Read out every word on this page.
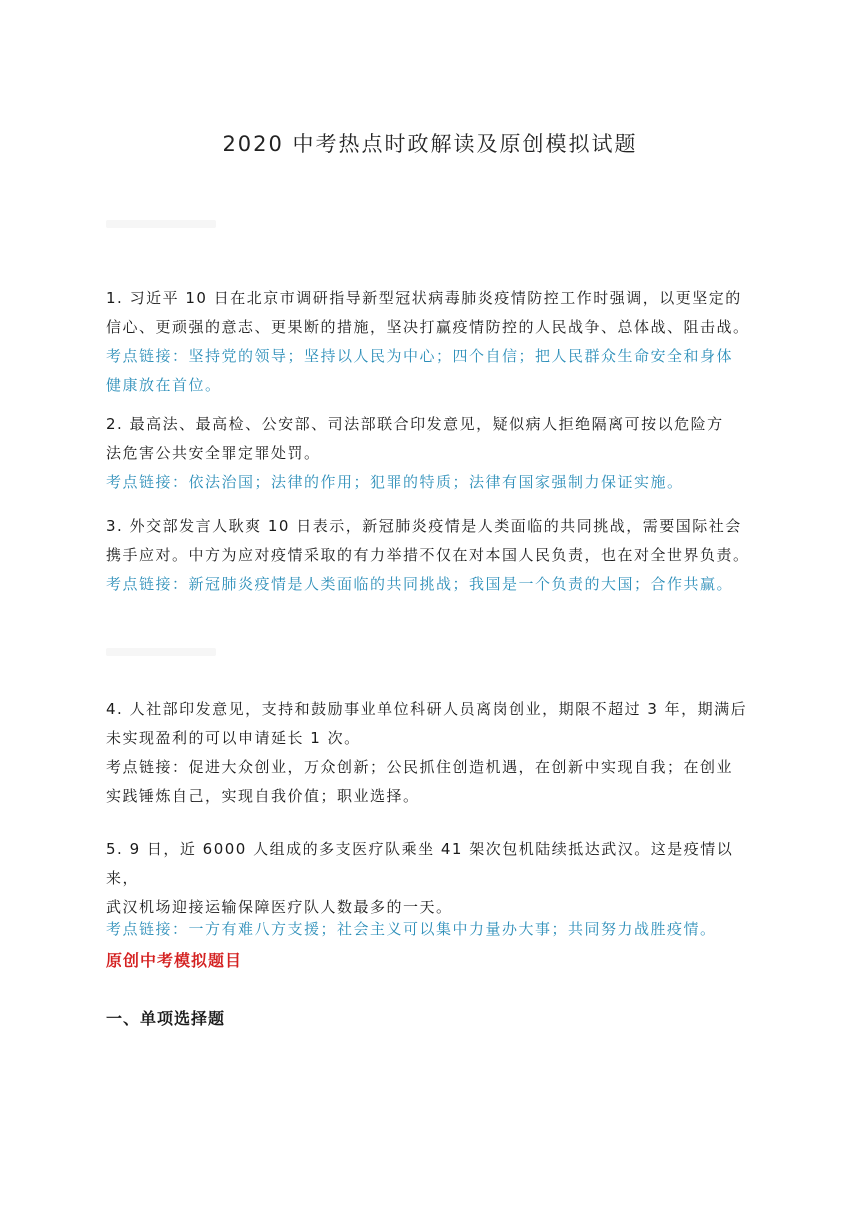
2020 中考热点时政解读及原创模拟试题

1. 习近平 10 日在北京市调研指导新型冠状病毒肺炎疫情防控工作时强调，以更坚定的

信心、更顽强的意志、更果断的措施，坚决打赢疫情防控的人民战争、总体战、阻击战。

考点链接：坚持党的领导；坚持以人民为中心；四个自信；把人民群众生命安全和身体

健康放在首位。

2. 最高法、最高检、公安部、司法部联合印发意见，疑似病人拒绝隔离可按以危险方

法危害公共安全罪定罪处罚。

考点链接：依法治国；法律的作用；犯罪的特质；法律有国家强制力保证实施。

3. 外交部发言人耿爽 10 日表示，新冠肺炎疫情是人类面临的共同挑战，需要国际社会

携手应对。中方为应对疫情采取的有力举措不仅在对本国人民负责，也在对全世界负责。

考点链接：新冠肺炎疫情是人类面临的共同挑战；我国是一个负责的大国；合作共赢。

4. 人社部印发意见，支持和鼓励事业单位科研人员离岗创业，期限不超过 3 年，期满后

未实现盈利的可以申请延长 1 次。

考点链接：促进大众创业，万众创新；公民抓住创造机遇，在创新中实现自我；在创业

实践锤炼自己，实现自我价值；职业选择。

5. 9 日，近 6000 人组成的多支医疗队乘坐 41 架次包机陆续抵达武汉。这是疫情以来，

武汉机场迎接运输保障医疗队人数最多的一天。

考点链接：一方有难八方支援；社会主义可以集中力量办大事；共同努力战胜疫情。

原创中考模拟题目
一、单项选择题
